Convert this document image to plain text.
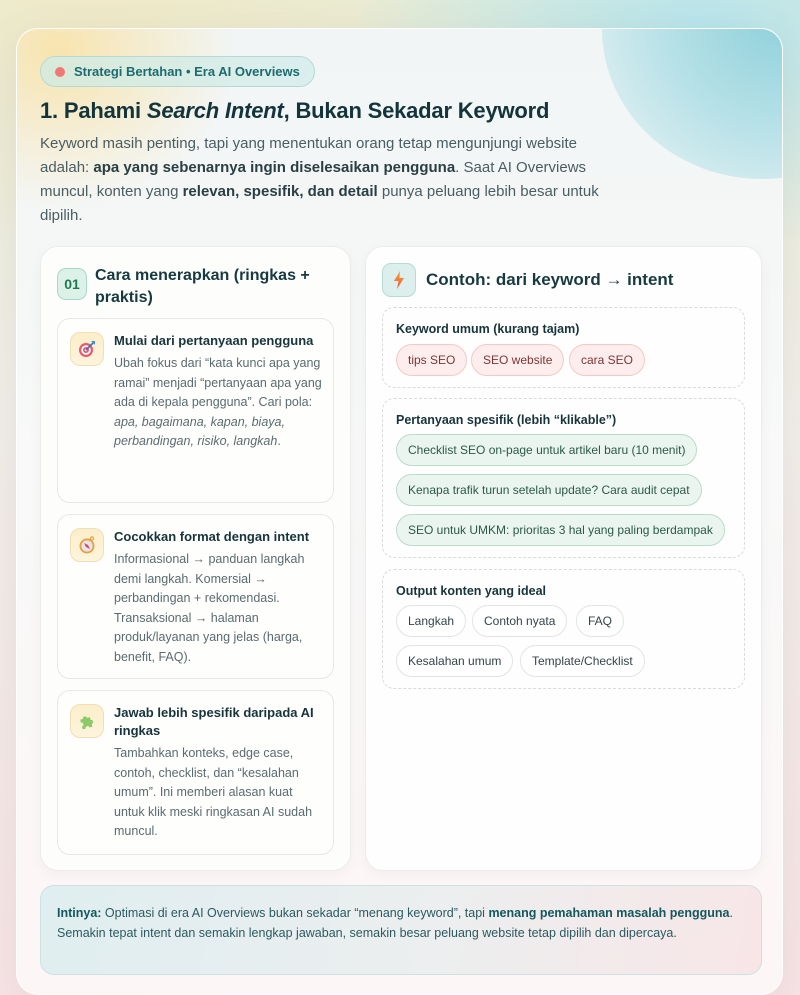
Strategi Bertahan • Era AI Overviews
1. Pahami Search Intent, Bukan Sekadar Keyword

Keyword masih penting, tapi yang menentukan orang tetap mengunjungi website adalah: apa yang sebenarnya ingin diselesaikan pengguna. Saat AI Overviews muncul, konten yang relevan, spesifik, dan detail punya peluang lebih besar untuk dipilih.

01 Cara menerapkan (ringkas + praktis)
Mulai dari pertanyaan pengguna

Ubah fokus dari “kata kunci apa yang ramai” menjadi “pertanyaan apa yang ada di kepala pengguna”. Cari pola: apa, bagaimana, kapan, biaya, perbandingan, risiko, langkah.

Cocokkan format dengan intent

Informasional → panduan langkah demi langkah. Komersial → perbandingan + rekomendasi. Transaksional → halaman produk/layanan yang jelas (harga, benefit, FAQ).

Jawab lebih spesifik daripada AI ringkas

Tambahkan konteks, edge case, contoh, checklist, dan “kesalahan umum”. Ini memberi alasan kuat untuk klik meski ringkasan AI sudah muncul.

Contoh: dari keyword → intent
Keyword umum (kurang tajam)
tips SEO	SEO website	cara SEO
Pertanyaan spesifik (lebih “klikable”)
Checklist SEO on-page untuk artikel baru (10 menit)
Kenapa trafik turun setelah update? Cara audit cepat
SEO untuk UMKM: prioritas 3 hal yang paling berdampak
Output konten yang ideal
Langkah	Contoh nyata	FAQ
Kesalahan umum	Template/Checklist
Intinya: Optimasi di era AI Overviews bukan sekadar “menang keyword”, tapi menang pemahaman masalah pengguna. Semakin tepat intent dan semakin lengkap jawaban, semakin besar peluang website tetap dipilih dan dipercaya.
